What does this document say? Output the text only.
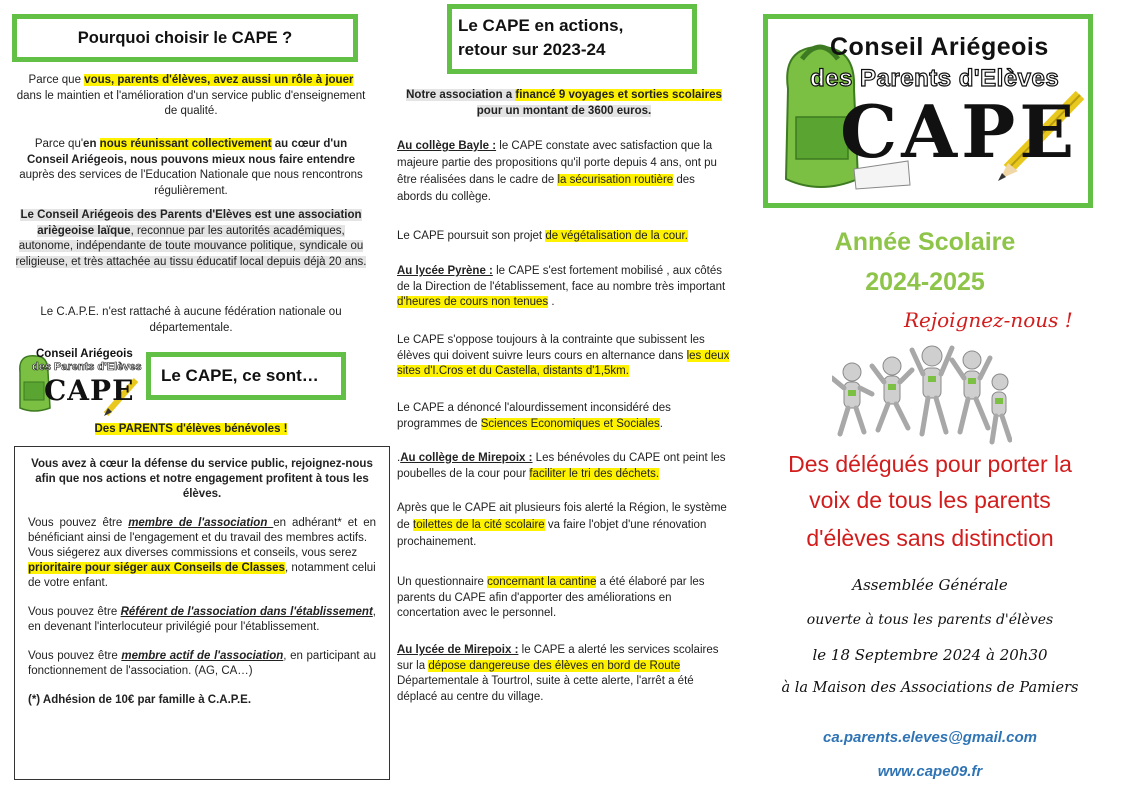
Pourquoi choisir le CAPE ?
Parce que vous, parents d'élèves, avez aussi un rôle à jouer
dans le maintien et l'amélioration d'un service public d'enseignement de qualité.
Parce qu'en nous réunissant collectivement au cœur d'un Conseil Ariégeois, nous pouvons mieux nous faire entendre auprès des services de l'Education Nationale que nous rencontrons régulièrement.
Le Conseil Ariégeois des Parents d'Elèves est une association ariègeoise laïque, reconnue par les autorités académiques, autonome, indépendante de toute mouvance politique, syndicale ou religieuse, et très attachée au tissu éducatif local depuis déjà 20 ans.
Le C.A.P.E. n'est rattaché à aucune fédération nationale ou départementale.
Conseil Ariégeois
des Parents d'Elèves
CAPE	Le CAPE, ce sont…
Des PARENTS d'élèves bénévoles !

Vous avez à cœur la défense du service public, rejoignez-nous afin que nos actions et notre engagement profitent à tous les élèves.

Vous pouvez être membre de l'association en adhérant* et en bénéficiant ainsi de l'engagement et du travail des membres actifs.

Vous siégerez aux diverses commissions et conseils, vous serez prioritaire pour siéger aux Conseils de Classes, notamment celui de votre enfant.

Vous pouvez être Référent de l'association dans l'établissement, en devenant l'interlocuteur privilégié pour l'établissement.

Vous pouvez être membre actif de l'association, en participant au fonctionnement de l'association. (AG, CA…)

(*) Adhésion de 10€ par famille à C.A.P.E.

Le CAPE en actions,
retour sur 2023-24
Notre association a financé 9 voyages et sorties scolaires
pour un montant de 3600 euros.
Au collège Bayle : le CAPE constate avec satisfaction que la majeure partie des propositions qu'il porte depuis 4 ans, ont pu être réalisées dans le cadre de la sécurisation routière des abords du collège.
Le CAPE poursuit son projet de végétalisation de la cour.
Au lycée Pyrène : le CAPE s'est fortement mobilisé , aux côtés de la Direction de l'établissement, face au nombre très important d'heures de cours non tenues .
Le CAPE s'oppose toujours à la contrainte que subissent les élèves qui doivent suivre leurs cours en alternance dans les deux sites d'I.Cros et du Castella, distants d'1,5km.
Le CAPE a dénoncé l'alourdissement inconsidéré des programmes de Sciences Economiques et Sociales.
.Au collège de Mirepoix : Les bénévoles du CAPE ont peint les poubelles de la cour pour faciliter le tri des déchets.
Après que le CAPE ait plusieurs fois alerté la Région, le système de toilettes de la cité scolaire va faire l'objet d'une rénovation prochainement.
Un questionnaire concernant la cantine a été élaboré par les parents du CAPE afin d'apporter des améliorations en concertation avec le personnel.
Au lycée de Mirepoix : le CAPE a alerté les services scolaires sur la dépose dangereuse des élèves en bord de Route Départementale à Tourtrol, suite à cette alerte, l'arrêt a été déplacé au centre du village.
Conseil Ariégeois
des Parents d'Elèves
CAPE
Année Scolaire
2024-2025
Rejoignez-nous !
Des délégués pour porter la
voix de tous les parents
d'élèves sans distinction
Assemblée Générale
ouverte à tous les parents d'élèves
le 18 Septembre 2024 à 20h30
à la Maison des Associations de Pamiers
ca.parents.eleves@gmail.com
www.cape09.fr
